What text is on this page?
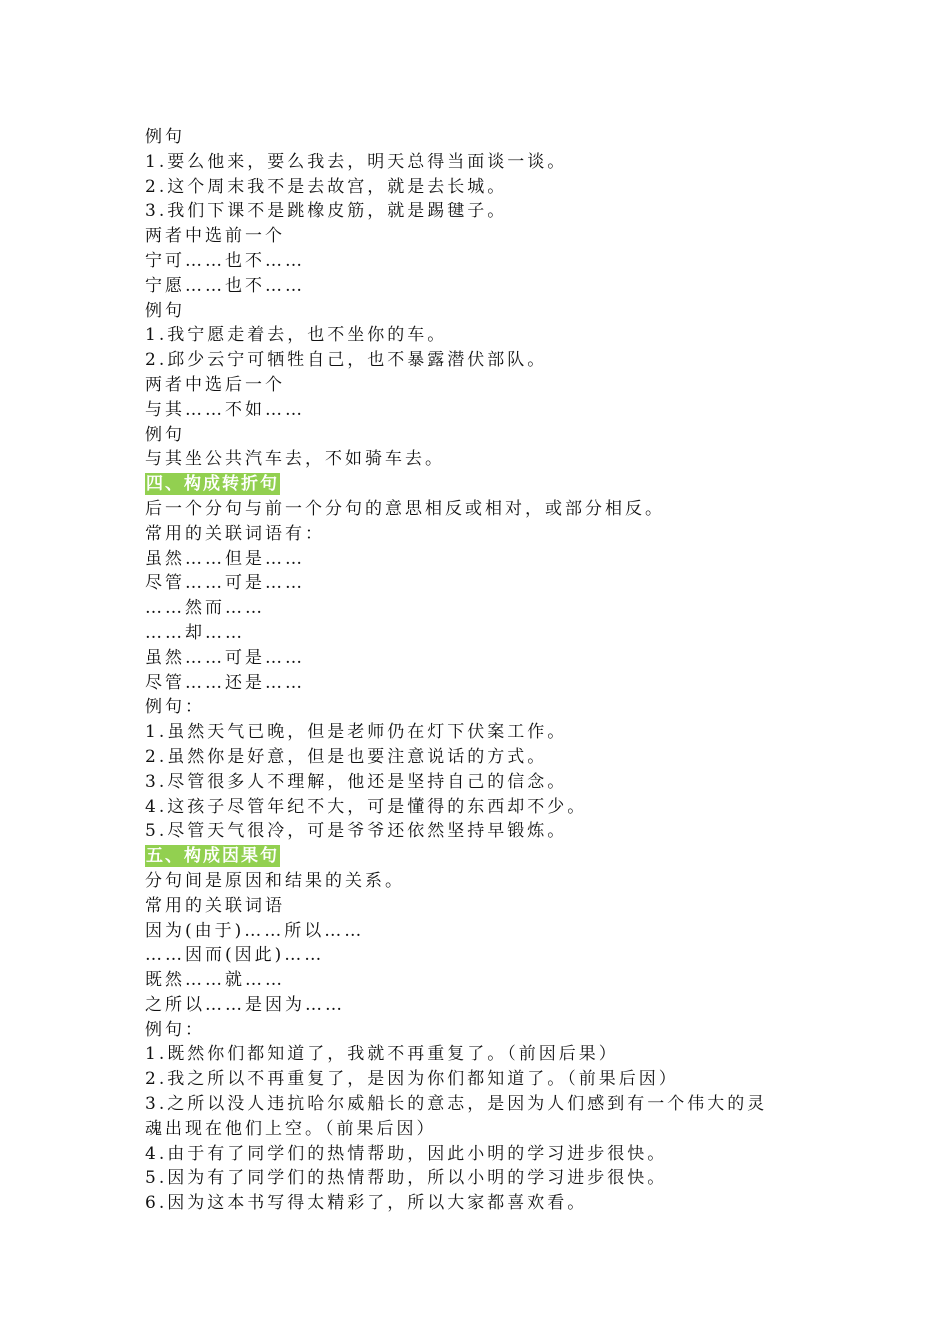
例句
1.要么他来，要么我去，明天总得当面谈一谈。
2.这个周末我不是去故宫，就是去长城。
3.我们下课不是跳橡皮筋，就是踢毽子。
两者中选前一个
宁可……也不……
宁愿……也不……
例句
1.我宁愿走着去，也不坐你的车。
2.邱少云宁可牺牲自己，也不暴露潜伏部队。
两者中选后一个
与其……不如……
例句
与其坐公共汽车去，不如骑车去。
四、构成转折句
后一个分句与前一个分句的意思相反或相对，或部分相反。
常用的关联词语有：
虽然……但是……
尽管……可是……
……然而……
……却……
虽然……可是……
尽管……还是……
例句：
1.虽然天气已晚，但是老师仍在灯下伏案工作。
2.虽然你是好意，但是也要注意说话的方式。
3.尽管很多人不理解，他还是坚持自己的信念。
4.这孩子尽管年纪不大，可是懂得的东西却不少。
5.尽管天气很冷，可是爷爷还依然坚持早锻炼。
五、构成因果句
分句间是原因和结果的关系。
常用的关联词语
因为(由于)……所以……
……因而(因此)……
既然……就……
之所以……是因为……
例句：
1.既然你们都知道了，我就不再重复了。（前因后果）
2.我之所以不再重复了，是因为你们都知道了。（前果后因）
3.之所以没人违抗哈尔威船长的意志，是因为人们感到有一个伟大的灵
魂出现在他们上空。（前果后因）
4.由于有了同学们的热情帮助，因此小明的学习进步很快。
5.因为有了同学们的热情帮助，所以小明的学习进步很快。
6.因为这本书写得太精彩了，所以大家都喜欢看。
